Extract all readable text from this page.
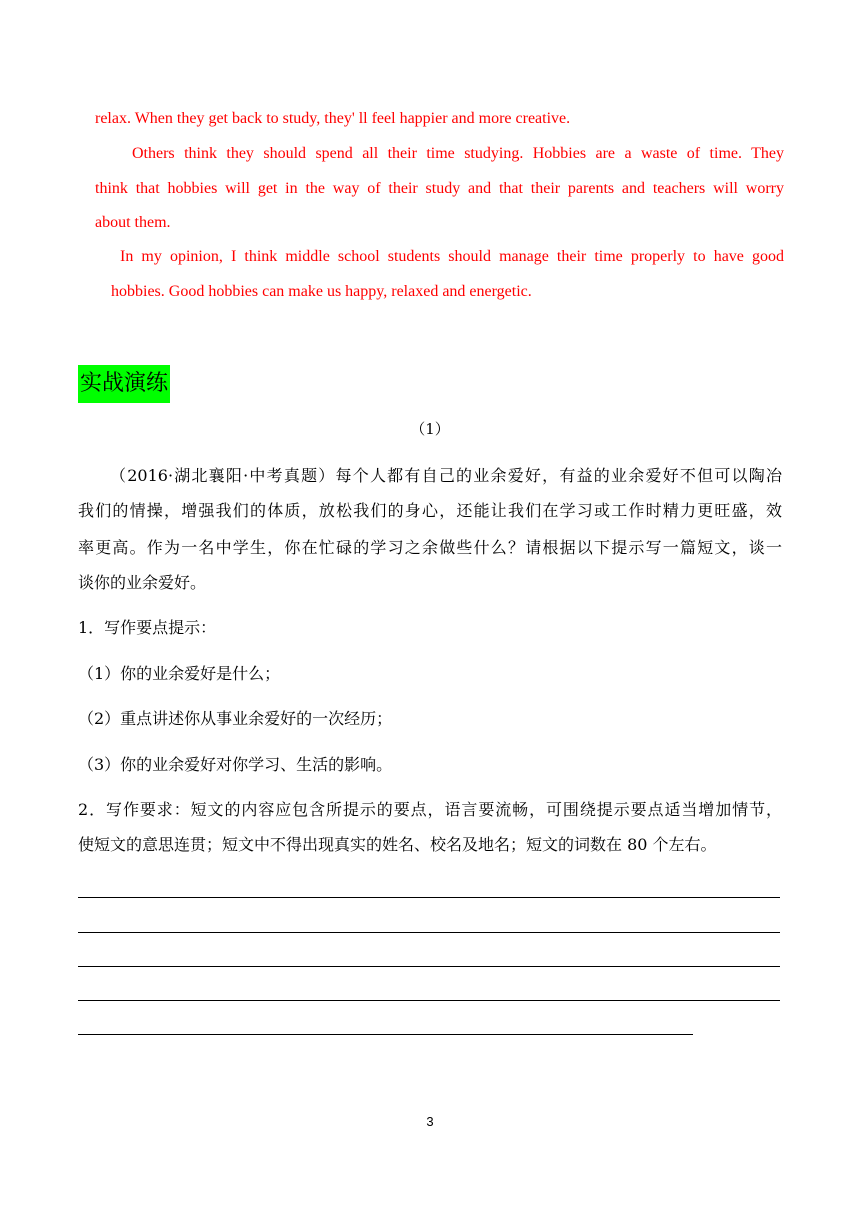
relax. When they get back to study, they' ll feel happier and more creative.
Others think they should spend all their time studying. Hobbies are a waste of time. They
think that hobbies will get in the way of their study and that their parents and teachers will worry
about them.
In my opinion, I think middle school students should manage their time properly to have good
hobbies. Good hobbies can make us happy, relaxed and energetic.
实战演练
（1）
（2016·湖北襄阳·中考真题）每个人都有自己的业余爱好，有益的业余爱好不但可以陶冶
我们的情操，增强我们的体质，放松我们的身心，还能让我们在学习或工作时精力更旺盛，效
率更高。作为一名中学生，你在忙碌的学习之余做些什么？请根据以下提示写一篇短文，谈一
谈你的业余爱好。
1．写作要点提示：
（1）你的业余爱好是什么；
（2）重点讲述你从事业余爱好的一次经历；
（3）你的业余爱好对你学习、生活的影响。
2．写作要求：短文的内容应包含所提示的要点，语言要流畅，可围绕提示要点适当增加情节，
使短文的意思连贯；短文中不得出现真实的姓名、校名及地名；短文的词数在 80 个左右。
3
